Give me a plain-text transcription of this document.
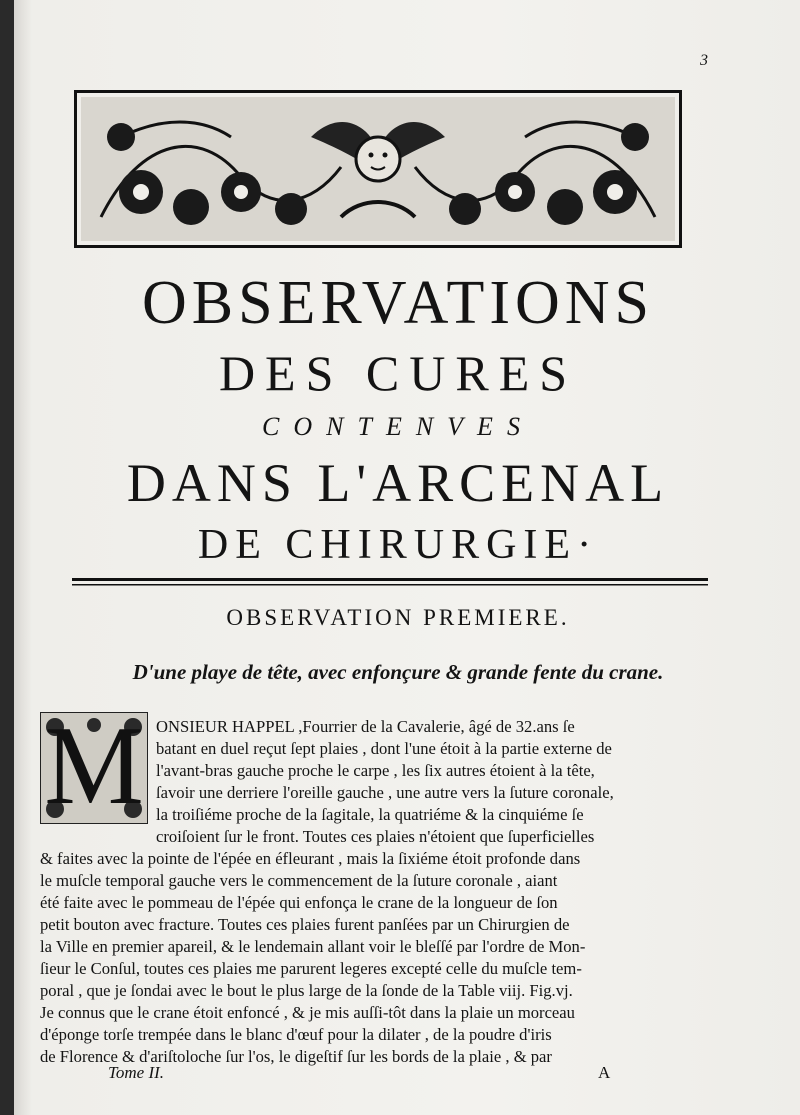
3
OBSERVATIONS
DES CURES
CONTENVES
DANS L'ARCENAL
DE CHIRURGIE·
OBSERVATION PREMIERE.
D'une playe de tête, avec enfonçure & grande fente du crane.
M ONSIEUR HAPPEL ,Fourrier de la Cavalerie, âgé de 32.ans ſe
batant en duel reçut ſept plaies , dont l'une étoit à la partie externe de
l'avant-bras gauche proche le carpe , les ſix autres étoient à la tête,
ſavoir une derriere l'oreille gauche , une autre vers la ſuture coronale,
la troiſiéme proche de la ſagitale, la quatriéme & la cinquiéme ſe
croiſoient ſur le front. Toutes ces plaies n'étoient que ſuperficielles
& faites avec la pointe de l'épée en éfleurant , mais la ſixiéme étoit profonde dans
le muſcle temporal gauche vers le commencement de la ſuture coronale , aiant
été faite avec le pommeau de l'épée qui enfonça le crane de la longueur de ſon
petit bouton avec fracture. Toutes ces plaies furent panſées par un Chirurgien de
la Ville en premier apareil, & le lendemain allant voir le bleſſé par l'ordre de Mon-
ſieur le Conſul, toutes ces plaies me parurent legeres excepté celle du muſcle tem-
poral , que je ſondai avec le bout le plus large de la ſonde de la Table viij. Fig.vj.
Je connus que le crane étoit enfoncé , & je mis auſſi-tôt dans la plaie un morceau
d'éponge torſe trempée dans le blanc d'œuf pour la dilater , de la poudre d'iris
de Florence & d'ariſtoloche ſur l'os, le digeſtif ſur les bords de la plaie , & par
Tome II.	A
